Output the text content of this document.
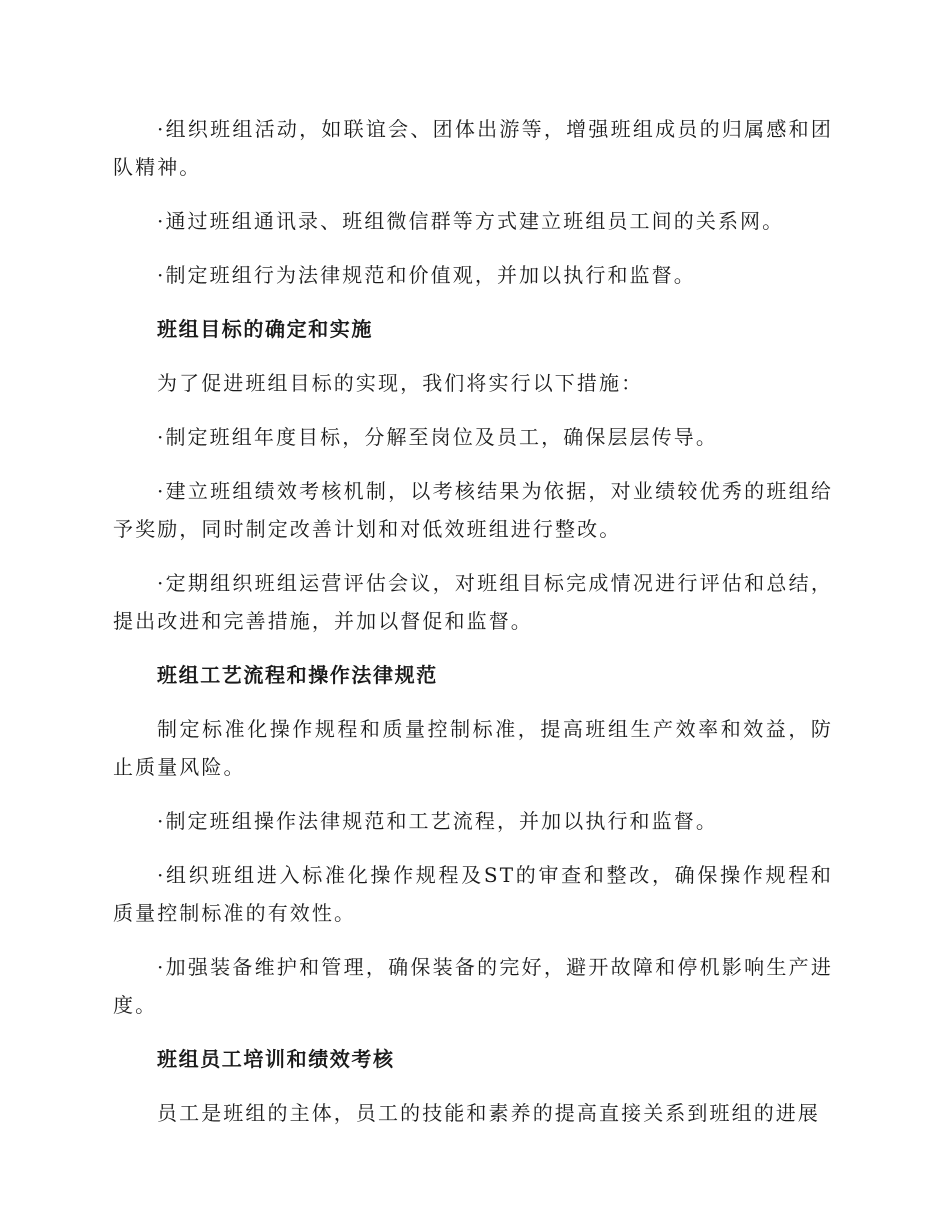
·组织班组活动，如联谊会、团体出游等，增强班组成员的归属感和团队精神。

·通过班组通讯录、班组微信群等方式建立班组员工间的关系网。

·制定班组行为法律规范和价值观，并加以执行和监督。

班组目标的确定和实施

为了促进班组目标的实现，我们将实行以下措施：

·制定班组年度目标，分解至岗位及员工，确保层层传导。

·建立班组绩效考核机制，以考核结果为依据，对业绩较优秀的班组给予奖励，同时制定改善计划和对低效班组进行整改。

·定期组织班组运营评估会议，对班组目标完成情况进行评估和总结，提出改进和完善措施，并加以督促和监督。

班组工艺流程和操作法律规范

制定标准化操作规程和质量控制标准，提高班组生产效率和效益，防止质量风险。

·制定班组操作法律规范和工艺流程，并加以执行和监督。

·组织班组进入标准化操作规程及ST的审查和整改，确保操作规程和质量控制标准的有效性。

·加强装备维护和管理，确保装备的完好，避开故障和停机影响生产进度。

班组员工培训和绩效考核

员工是班组的主体，员工的技能和素养的提高直接关系到班组的进展
